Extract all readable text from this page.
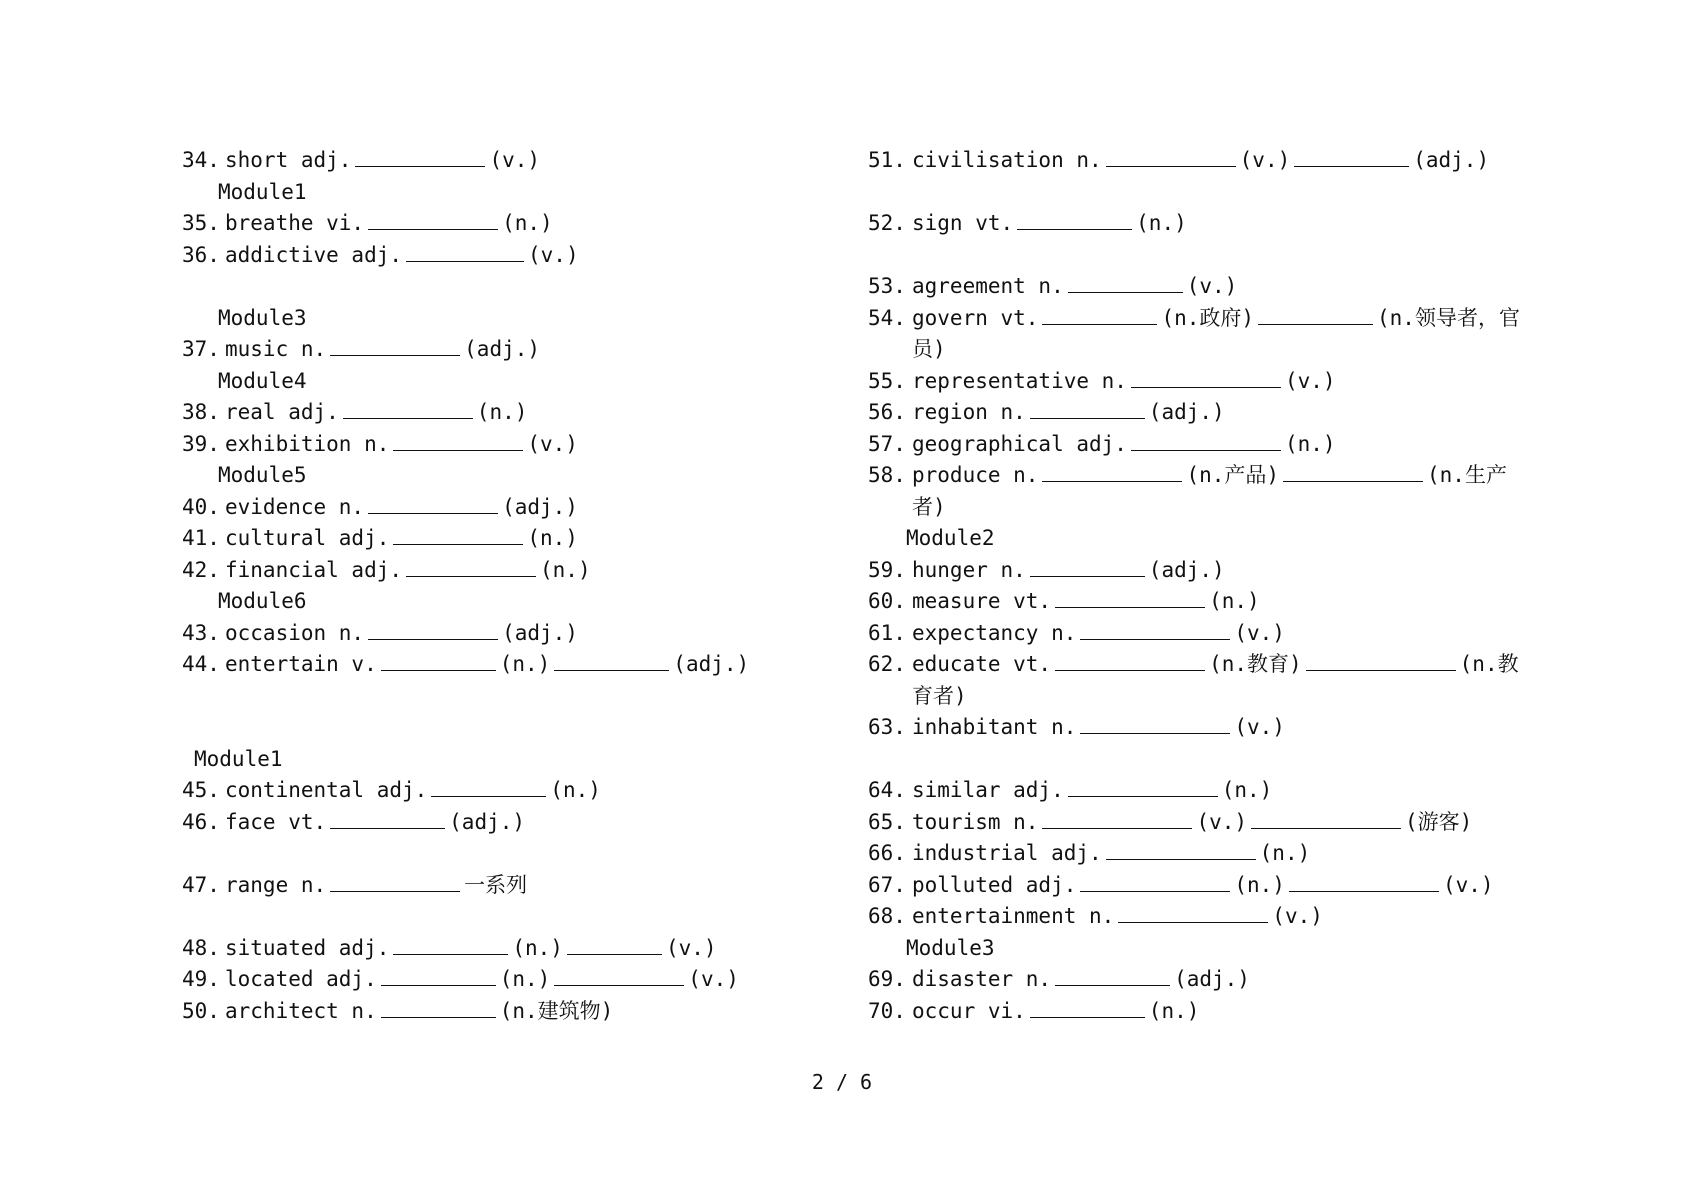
34. short adj.	(v.)
Module1
35. breathe vi.	(n.)
36. addictive adj.	(v.)
Module3
37. music n.	(adj.)
Module4
38. real adj.	(n.)
39. exhibition n.	(v.)
Module5
40. evidence n.	(adj.)
41. cultural adj.	(n.)
42. financial adj.	(n.)
Module6
43. occasion n.	(adj.)
44. entertain v.	(n.)	(adj.)
Module1
45. continental adj.	(n.)
46. face vt.	(adj.)
47. range n.	一系列
48. situated adj.	(n.)	(v.)
49. located adj.	(n.)	(v.)
50. architect n.	(n.建筑物)
51. civilisation n.	(v.)	(adj.)
52. sign vt.	(n.)
53. agreement n.	(v.)
54. govern vt.	(n.政府)	(n.领导者，官
员)
55. representative n.	(v.)
56. region n.	(adj.)
57. geographical adj.	(n.)
58. produce n.	(n.产品)	(n.生产
者)
Module2
59. hunger n.	(adj.)
60. measure vt.	(n.)
61. expectancy n.	(v.)
62. educate vt.	(n.教育)	(n.教
育者)
63. inhabitant n.	(v.)
64. similar adj.	(n.)
65. tourism n.	(v.)	(游客)
66. industrial adj.	(n.)
67. polluted adj.	(n.)	(v.)
68. entertainment n.	(v.)
Module3
69. disaster n.	(adj.)
70. occur vi.	(n.)
2 / 6
